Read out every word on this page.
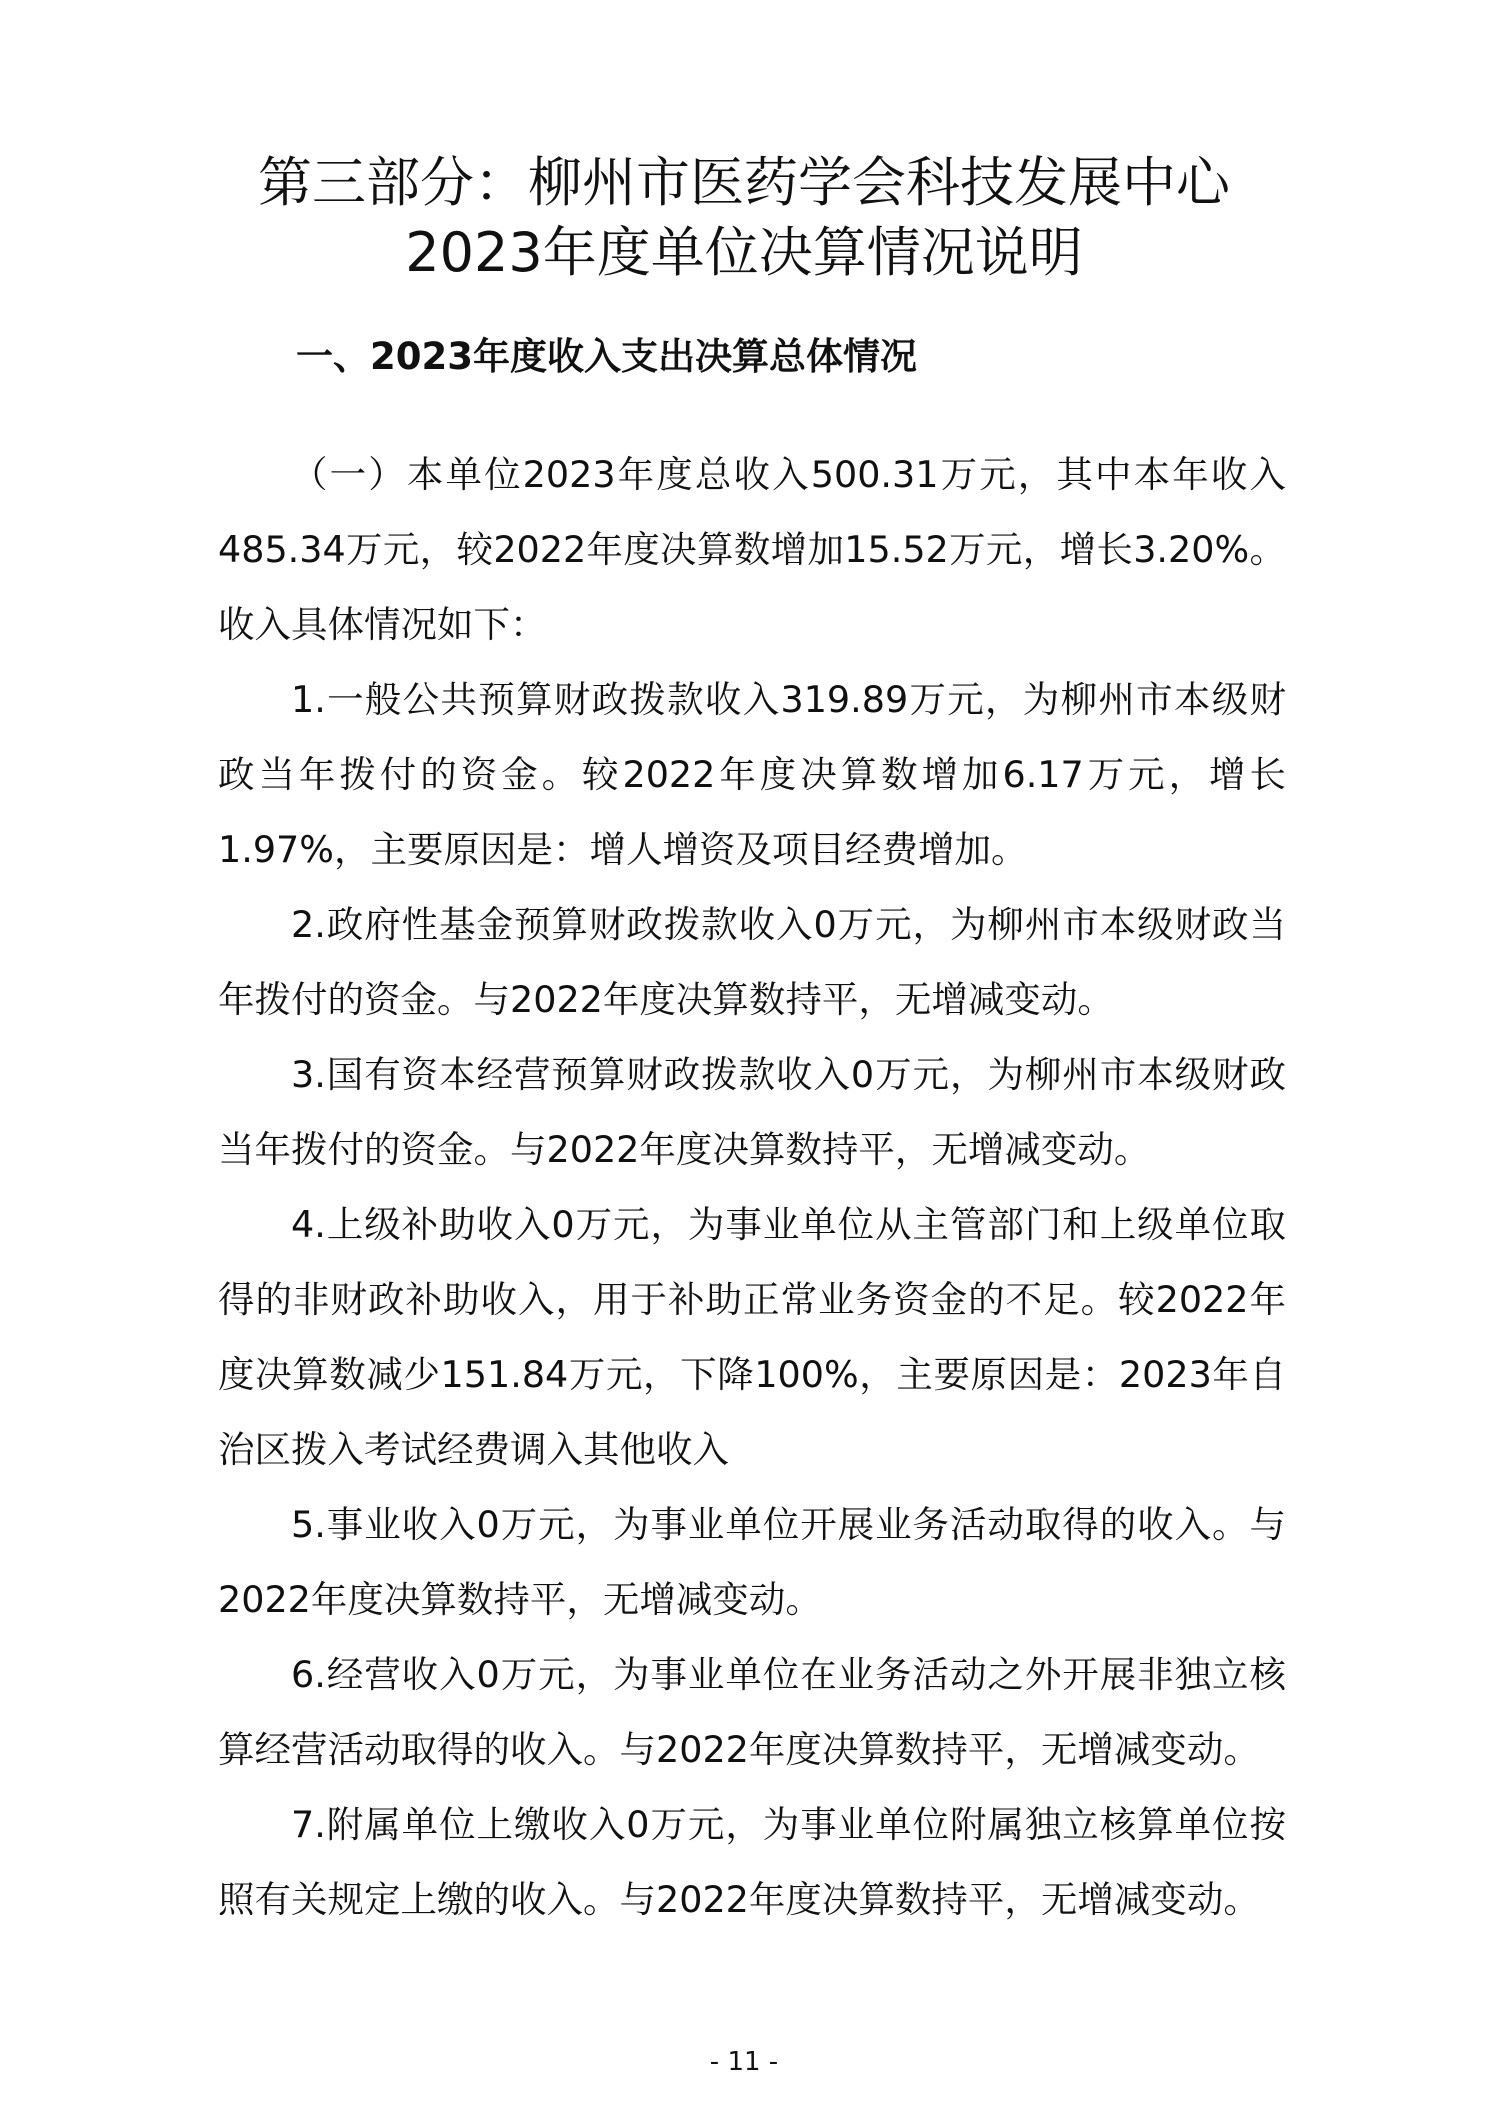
第三部分：柳州市医药学会科技发展中心
2023年度单位决算情况说明
一、2023年度收入支出决算总体情况

（一）本单位2023年度总收入500.31万元，其中本年收入485.34万元，较2022年度决算数增加15.52万元，增长3.20%。收入具体情况如下：

1.一般公共预算财政拨款收入319.89万元，为柳州市本级财政当年拨付的资金。较2022年度决算数增加6.17万元，增长1.97%，主要原因是：增人增资及项目经费增加。

2.政府性基金预算财政拨款收入0万元，为柳州市本级财政当年拨付的资金。与2022年度决算数持平，无增减变动。

3.国有资本经营预算财政拨款收入0万元，为柳州市本级财政当年拨付的资金。与2022年度决算数持平，无增减变动。

4.上级补助收入0万元，为事业单位从主管部门和上级单位取得的非财政补助收入，用于补助正常业务资金的不足。较2022年度决算数减少151.84万元，下降100%，主要原因是：2023年自治区拨入考试经费调入其他收入

5.事业收入0万元，为事业单位开展业务活动取得的收入。与2022年度决算数持平，无增减变动。

6.经营收入0万元，为事业单位在业务活动之外开展非独立核算经营活动取得的收入。与2022年度决算数持平，无增减变动。

7.附属单位上缴收入0万元，为事业单位附属独立核算单位按照有关规定上缴的收入。与2022年度决算数持平，无增减变动。

- 11 -
